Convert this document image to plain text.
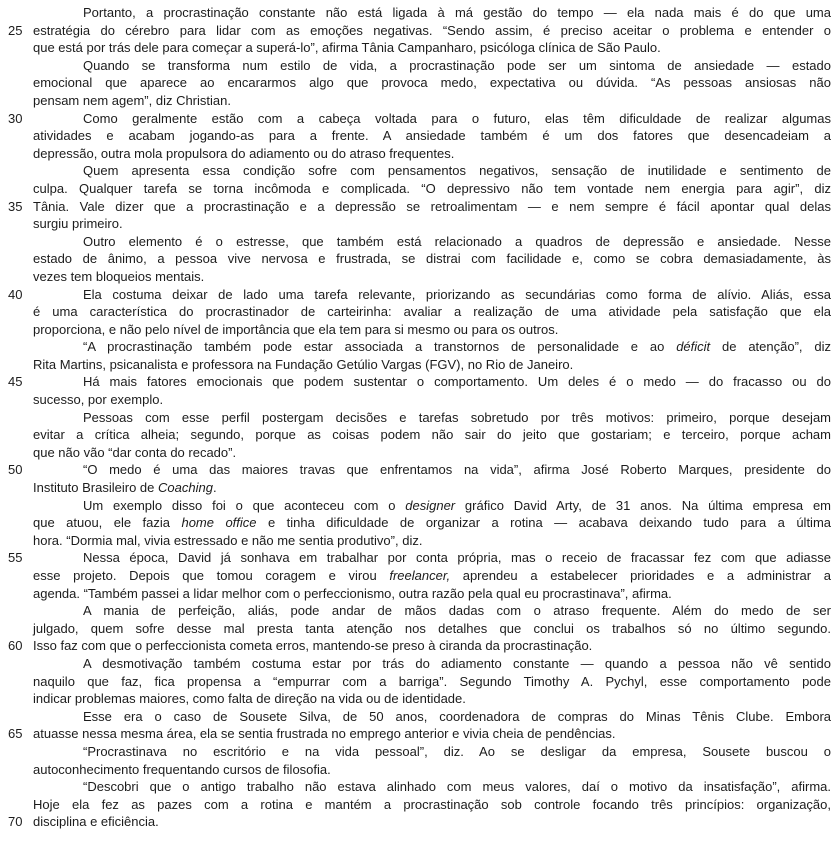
Portanto, a procrastinação constante não está ligada à má gestão do tempo — ela nada mais é do que uma
25 estratégia do cérebro para lidar com as emoções negativas. “Sendo assim, é preciso aceitar o problema e entender o
que está por trás dele para começar a superá-lo”, afirma Tânia Campanharo, psicóloga clínica de São Paulo.
Quando se transforma num estilo de vida, a procrastinação pode ser um sintoma de ansiedade — estado
emocional que aparece ao encararmos algo que provoca medo, expectativa ou dúvida. “As pessoas ansiosas não
pensam nem agem”, diz Christian.
30	Como geralmente estão com a cabeça voltada para o futuro, elas têm dificuldade de realizar algumas
atividades e acabam jogando-as para a frente. A ansiedade também é um dos fatores que desencadeiam a
depressão, outra mola propulsora do adiamento ou do atraso frequentes.
Quem apresenta essa condição sofre com pensamentos negativos, sensação de inutilidade e sentimento de
culpa. Qualquer tarefa se torna incômoda e complicada. “O depressivo não tem vontade nem energia para agir”, diz
35 Tânia. Vale dizer que a procrastinação e a depressão se retroalimentam — e nem sempre é fácil apontar qual delas
surgiu primeiro.
Outro elemento é o estresse, que também está relacionado a quadros de depressão e ansiedade. Nesse
estado de ânimo, a pessoa vive nervosa e frustrada, se distrai com facilidade e, como se cobra demasiadamente, às
vezes tem bloqueios mentais.
40	Ela costuma deixar de lado uma tarefa relevante, priorizando as secundárias como forma de alívio. Aliás, essa
é uma característica do procrastinador de carteirinha: avaliar a realização de uma atividade pela satisfação que ela
proporciona, e não pelo nível de importância que ela tem para si mesmo ou para os outros.
“A procrastinação também pode estar associada a transtornos de personalidade e ao déficit de atenção”, diz
Rita Martins, psicanalista e professora na Fundação Getúlio Vargas (FGV), no Rio de Janeiro.
45	Há mais fatores emocionais que podem sustentar o comportamento. Um deles é o medo — do fracasso ou do
sucesso, por exemplo.
Pessoas com esse perfil postergam decisões e tarefas sobretudo por três motivos: primeiro, porque desejam
evitar a crítica alheia; segundo, porque as coisas podem não sair do jeito que gostariam; e terceiro, porque acham
que não vão “dar conta do recado”.
50	“O medo é uma das maiores travas que enfrentamos na vida”, afirma José Roberto Marques, presidente do
Instituto Brasileiro de Coaching.
Um exemplo disso foi o que aconteceu com o designer gráfico David Arty, de 31 anos. Na última empresa em
que atuou, ele fazia home office e tinha dificuldade de organizar a rotina — acabava deixando tudo para a última
hora. “Dormia mal, vivia estressado e não me sentia produtivo”, diz.
55	Nessa época, David já sonhava em trabalhar por conta própria, mas o receio de fracassar fez com que adiasse
esse projeto. Depois que tomou coragem e virou freelancer, aprendeu a estabelecer prioridades e a administrar a
agenda. “Também passei a lidar melhor com o perfeccionismo, outra razão pela qual eu procrastinava”, afirma.
A mania de perfeição, aliás, pode andar de mãos dadas com o atraso frequente. Além do medo de ser
julgado, quem sofre desse mal presta tanta atenção nos detalhes que conclui os trabalhos só no último segundo.
60 Isso faz com que o perfeccionista cometa erros, mantendo-se preso à ciranda da procrastinação.
A desmotivação também costuma estar por trás do adiamento constante — quando a pessoa não vê sentido
naquilo que faz, fica propensa a “empurrar com a barriga”. Segundo Timothy A. Pychyl, esse comportamento pode
indicar problemas maiores, como falta de direção na vida ou de identidade.
Esse era o caso de Sousete Silva, de 50 anos, coordenadora de compras do Minas Tênis Clube. Embora
65 atuasse nessa mesma área, ela se sentia frustrada no emprego anterior e vivia cheia de pendências.
“Procrastinava no escritório e na vida pessoal”, diz. Ao se desligar da empresa, Sousete buscou o
autoconhecimento frequentando cursos de filosofia.
“Descobri que o antigo trabalho não estava alinhado com meus valores, daí o motivo da insatisfação”, afirma.
Hoje ela fez as pazes com a rotina e mantém a procrastinação sob controle focando três princípios: organização,
70 disciplina e eficiência.
